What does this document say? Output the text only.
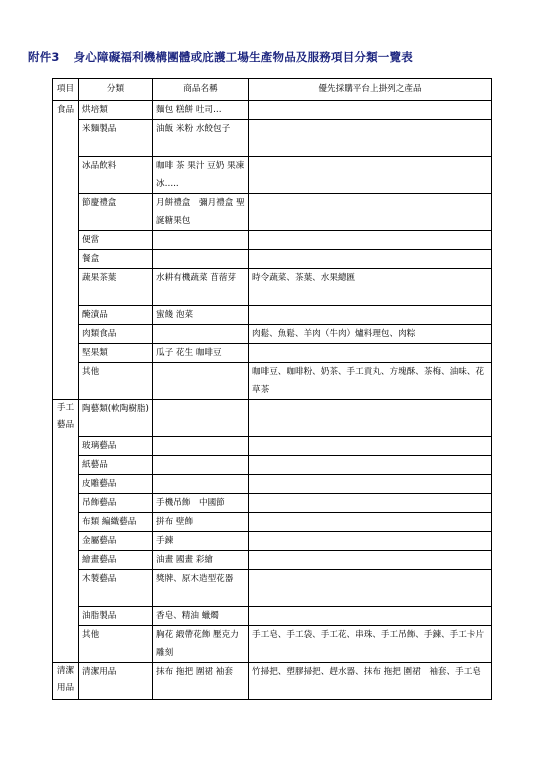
附件3 身心障礙福利機構團體或庇護工場生產物品及服務項目分類一覽表
項目	分類	商品名稱	優先採購平台上掛列之產品
食品	烘培類	麵包 糕餅 吐司…	
	米麵製品	油飯 米粉 水餃包子	
	冰品飲料	咖啡 茶 果汁 豆奶 果凍冰…..	
	節慶禮盒	月餅禮盒　彌月禮盒 聖誕糖果包	
	便當		
	餐盒		
	蔬果茶葉	水耕有機蔬菜 苜蓿芽	時令蔬菜、茶葉、水果總匯
	醃漬品	蜜餞 泡菜	
	肉類食品		肉鬆、魚鬆、羊肉（牛肉）爐料理包、肉粽
	堅果類	瓜子 花生 咖啡豆	
	其他		咖啡豆、咖啡粉、奶茶、手工貢丸、方塊酥、茶梅、油味、花草茶
手工藝品	陶藝類(軟陶樹脂)		
	玻璃藝品		
	紙藝品		
	皮雕藝品		
	吊飾藝品	手機吊飾　中國節	
	布類 編織藝品	拼布 壁飾	
	金屬藝品	手鍊	
	繪畫藝品	油畫 國畫 彩繪	
	木製藝品	獎牌、原木造型花器	
	油脂製品	香皂、精油 蠟燭	
	其他	胸花 緞帶花飾 壓克力雕刻	手工皂、手工袋、手工花、串珠、手工吊飾、手鍊、手工卡片
清潔用品	清潔用品	抹布 拖把 圍裙 袖套	竹掃把、塑膠掃把、趕水器、抹布 拖把 圍裙　袖套、手工皂
